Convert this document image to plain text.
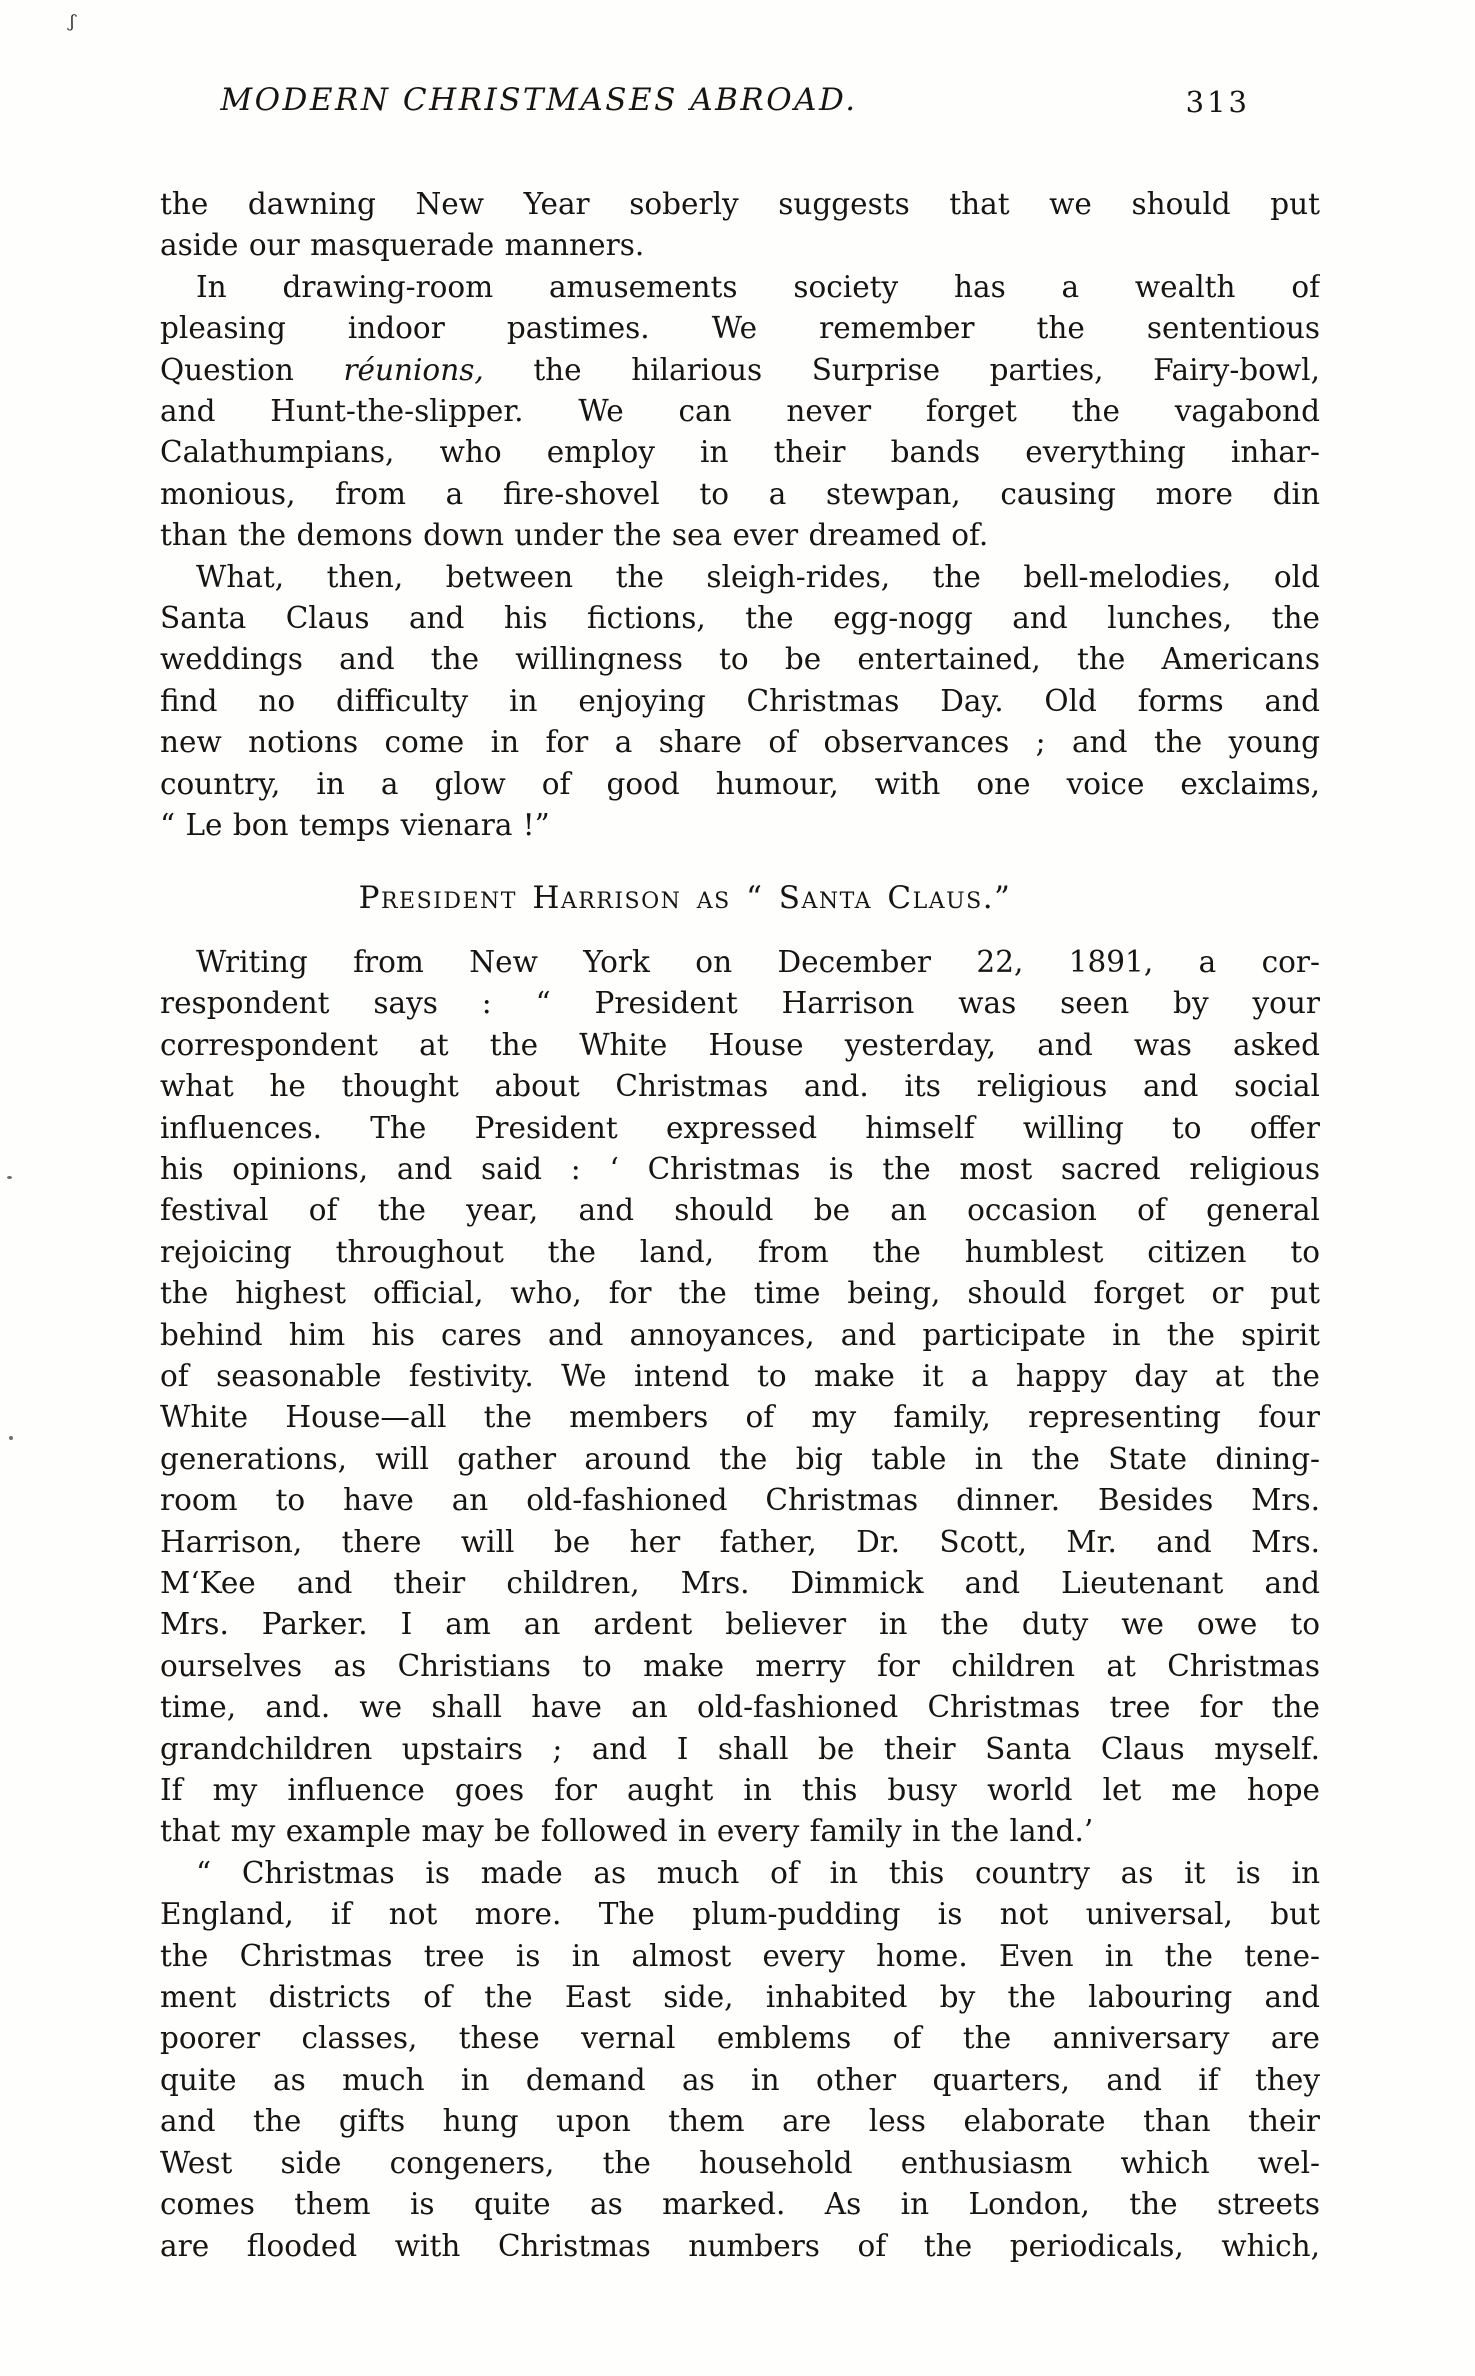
ʃ
MODERN CHRISTMASES ABROAD.	313
the dawning New Year soberly suggests that we should put
aside our masquerade manners.
In drawing-room amusements society has a wealth of
pleasing indoor pastimes. We remember the sententious
Question réunions, the hilarious Surprise parties, Fairy-bowl,
and Hunt-the-slipper. We can never forget the vagabond
Calathumpians, who employ in their bands everything inhar-
monious, from a fire-shovel to a stewpan, causing more din
than the demons down under the sea ever dreamed of.
What, then, between the sleigh-rides, the bell-melodies, old
Santa Claus and his fictions, the egg-nogg and lunches, the
weddings and the willingness to be entertained, the Americans
find no difficulty in enjoying Christmas Day. Old forms and
new notions come in for a share of observances ; and the young
country, in a glow of good humour, with one voice exclaims,
“ Le bon temps vienara !”
President Harrison as “ Santa Claus.”
Writing from New York on December 22, 1891, a cor-
respondent says : “ President Harrison was seen by your
correspondent at the White House yesterday, and was asked
what he thought about Christmas and. its religious and social
influences. The President expressed himself willing to offer
his opinions, and said : ‘ Christmas is the most sacred religious
festival of the year, and should be an occasion of general
rejoicing throughout the land, from the humblest citizen to
the highest official, who, for the time being, should forget or put
behind him his cares and annoyances, and participate in the spirit
of seasonable festivity. We intend to make it a happy day at the
White House—all the members of my family, representing four
generations, will gather around the big table in the State dining-
room to have an old-fashioned Christmas dinner. Besides Mrs.
Harrison, there will be her father, Dr. Scott, Mr. and Mrs.
M‘Kee and their children, Mrs. Dimmick and Lieutenant and
Mrs. Parker. I am an ardent believer in the duty we owe to
ourselves as Christians to make merry for children at Christmas
time, and. we shall have an old-fashioned Christmas tree for the
grandchildren upstairs ; and I shall be their Santa Claus myself.
If my influence goes for aught in this busy world let me hope
that my example may be followed in every family in the land.’
“ Christmas is made as much of in this country as it is in
England, if not more. The plum-pudding is not universal, but
the Christmas tree is in almost every home. Even in the tene-
ment districts of the East side, inhabited by the labouring and
poorer classes, these vernal emblems of the anniversary are
quite as much in demand as in other quarters, and if they
and the gifts hung upon them are less elaborate than their
West side congeners, the household enthusiasm which wel-
comes them is quite as marked. As in London, the streets
are flooded with Christmas numbers of the periodicals, which,
